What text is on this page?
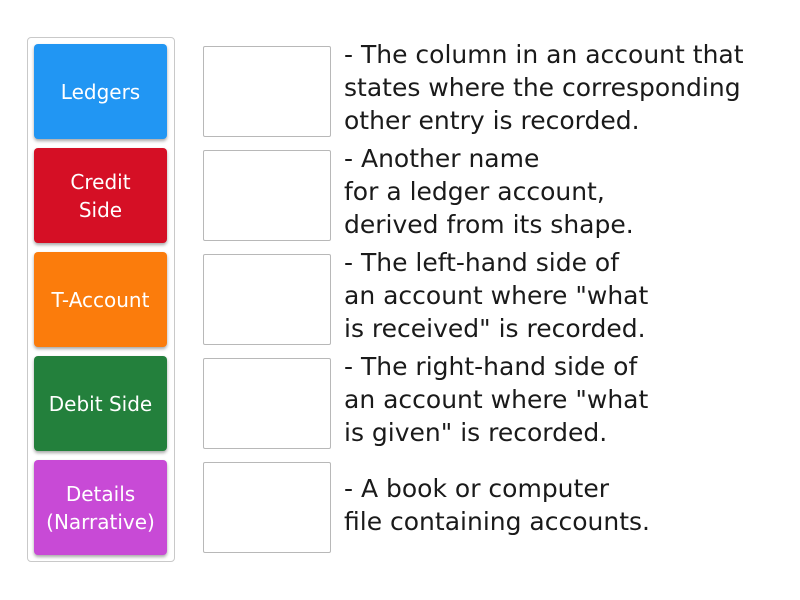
Ledgers
Credit
Side
T-Account
Debit Side
Details
(Narrative)
- The column in an account that
states where the corresponding
other entry is recorded.
- Another name
for a ledger account,
derived from its shape.
- The left-hand side of
an account where "what
is received" is recorded.
- The right-hand side of
an account where "what
is given" is recorded.
- A book or computer
file containing accounts.
